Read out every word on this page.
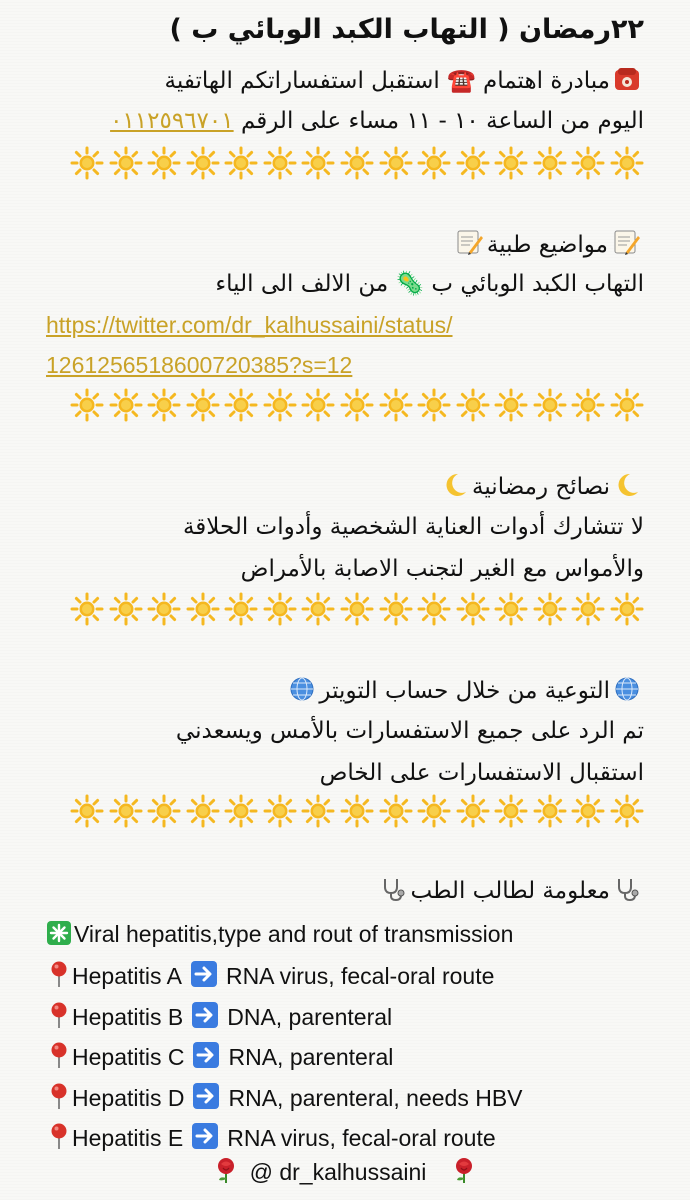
٢٢رمضان ( التهاب الكبد الوبائي ب )
مبادرة اهتمام ☎️ استقبل استفساراتكم الهاتفية
اليوم من الساعة ١٠ - ١١ مساء على الرقم ٠١١٢٥٩٦٧٠١
مواضيع طبية
التهاب الكبد الوبائي ب 🦠 من الالف الى الياء
https://twitter.com/dr_kalhussaini/status/
1261256518600720385?s=12
نصائح رمضانية
لا تتشارك أدوات العناية الشخصية وأدوات الحلاقة
والأمواس مع الغير لتجنب الاصابة بالأمراض
التوعية من خلال حساب التويتر
تم الرد على جميع الاستفسارات بالأمس ويسعدني
استقبال الاستفسارات على الخاص
معلومة لطالب الطب
Viral hepatitis,type and rout of transmission
Hepatitis A RNA virus, fecal-oral route
Hepatitis B DNA, parenteral
Hepatitis C RNA, parenteral
Hepatitis D RNA, parenteral, needs HBV
Hepatitis E RNA virus, fecal-oral route
@ dr_kalhussaini
